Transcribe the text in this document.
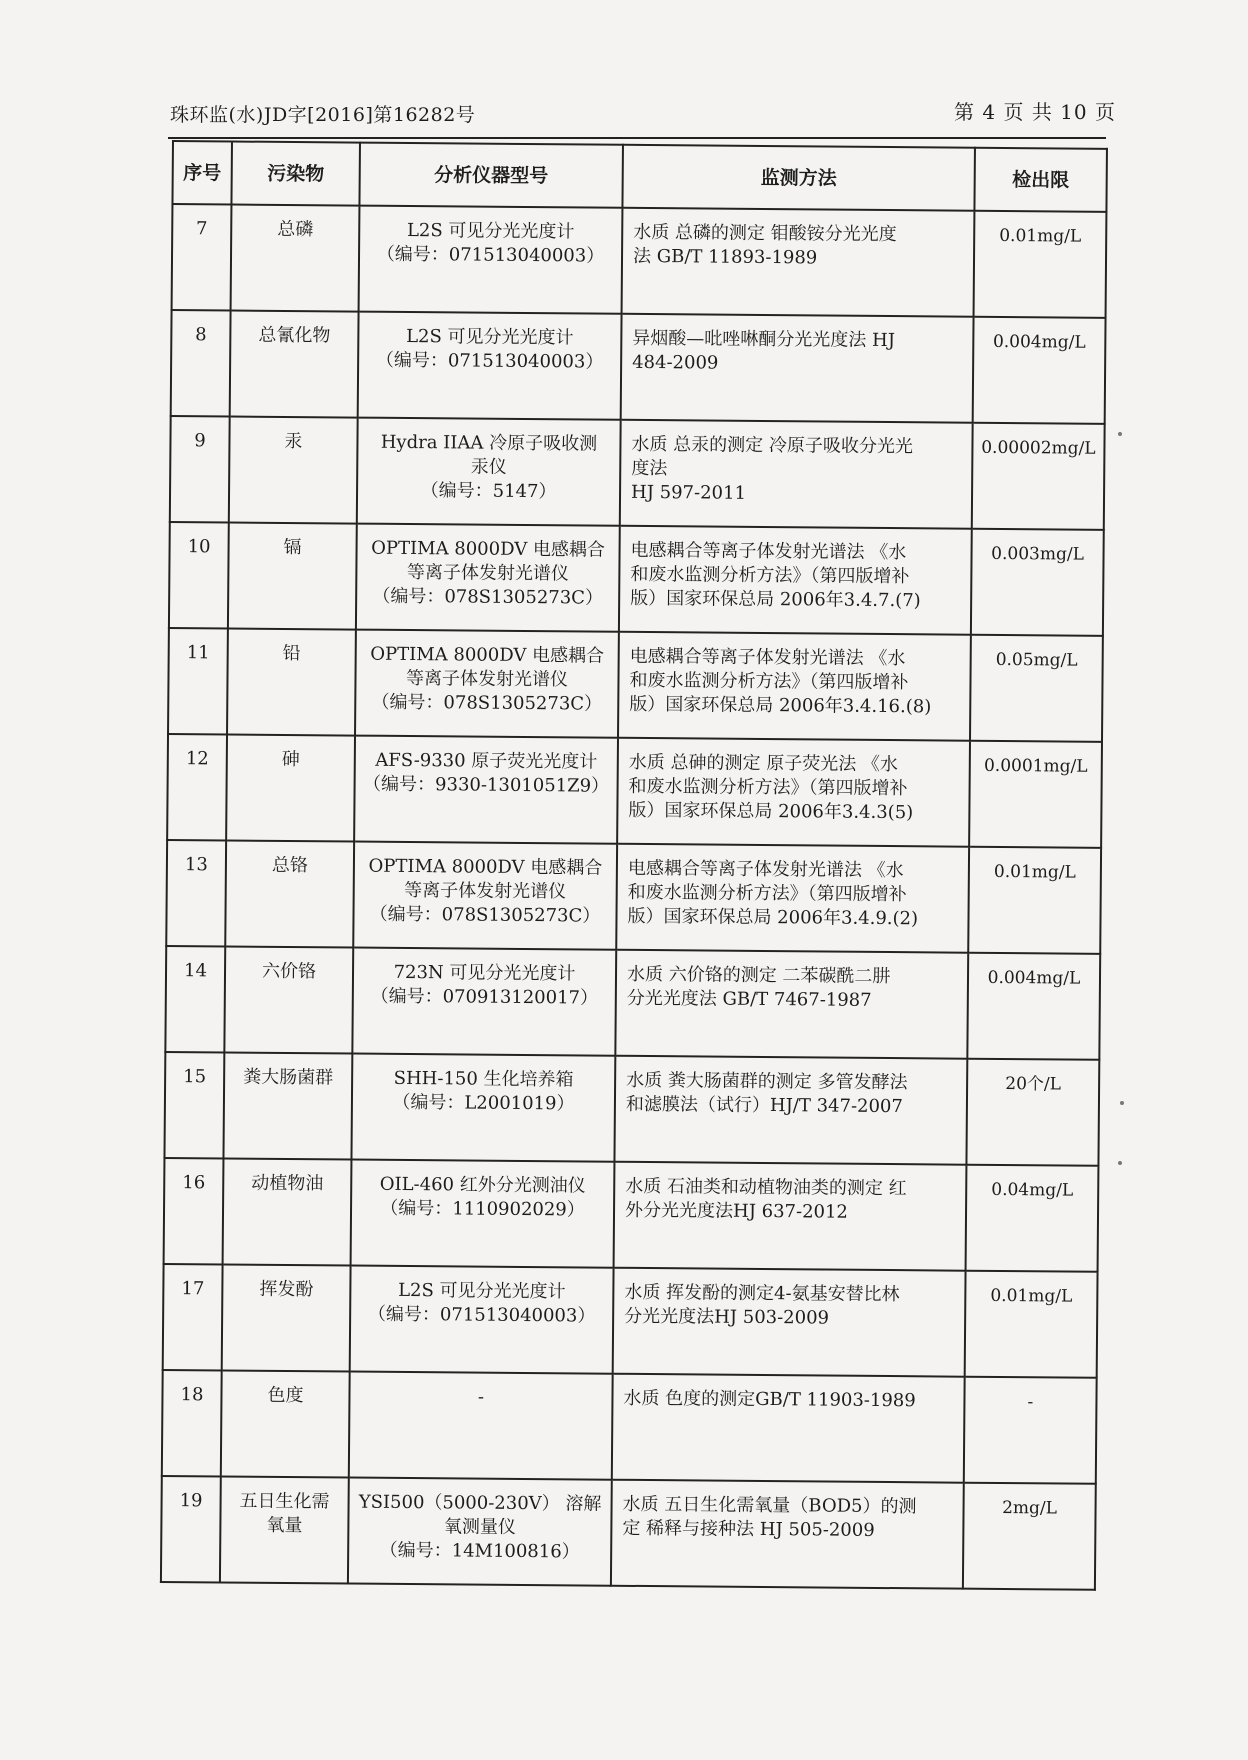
珠环监(水)JD字[2016]第16282号	第 4 页 共 10 页
序号	污染物	分析仪器型号	监测方法	检出限

7	总磷	L2S 可见分光光度计
（编号：071513040003）	水质 总磷的测定 钼酸铵分光光度
法 GB/T 11893-1989	0.01mg/L

8	总氰化物	L2S 可见分光光度计
（编号：071513040003）	异烟酸—吡唑啉酮分光光度法 HJ
484-2009	0.004mg/L

9	汞	Hydra IIAA 冷原子吸收测
汞仪
（编号：5147）	水质 总汞的测定 冷原子吸收分光光
度法
HJ 597-2011	0.00002mg/L

10	镉	OPTIMA 8000DV 电感耦合
等离子体发射光谱仪
（编号：078S1305273C）	电感耦合等离子体发射光谱法 《水
和废水监测分析方法》（第四版增补
版）国家环保总局 2006年3.4.7.(7)	0.003mg/L

11	铅	OPTIMA 8000DV 电感耦合
等离子体发射光谱仪
（编号：078S1305273C）	电感耦合等离子体发射光谱法 《水
和废水监测分析方法》（第四版增补
版）国家环保总局 2006年3.4.16.(8)	0.05mg/L

12	砷	AFS-9330 原子荧光光度计
（编号：9330-1301051Z9）	水质 总砷的测定 原子荧光法 《水
和废水监测分析方法》（第四版增补
版）国家环保总局 2006年3.4.3(5)	0.0001mg/L

13	总铬	OPTIMA 8000DV 电感耦合
等离子体发射光谱仪
（编号：078S1305273C）	电感耦合等离子体发射光谱法 《水
和废水监测分析方法》（第四版增补
版）国家环保总局 2006年3.4.9.(2)	0.01mg/L

14	六价铬	723N 可见分光光度计
（编号：070913120017）	水质 六价铬的测定 二苯碳酰二肼
分光光度法 GB/T 7467-1987	0.004mg/L

15	粪大肠菌群	SHH-150 生化培养箱
（编号：L2001019）	水质 粪大肠菌群的测定 多管发酵法
和滤膜法（试行）HJ/T 347-2007	20个/L

16	动植物油	OIL-460 红外分光测油仪
（编号：1110902029）	水质 石油类和动植物油类的测定 红
外分光光度法HJ 637-2012	0.04mg/L

17	挥发酚	L2S 可见分光光度计
（编号：071513040003）	水质 挥发酚的测定4-氨基安替比林
分光光度法HJ 503-2009	0.01mg/L

18	色度	-	水质 色度的测定GB/T 11903-1989	-

19	五日生化需
氧量	YSI500（5000-230V） 溶解
氧测量仪
（编号：14M100816）	水质 五日生化需氧量（BOD5）的测
定 稀释与接种法 HJ 505-2009	2mg/L
